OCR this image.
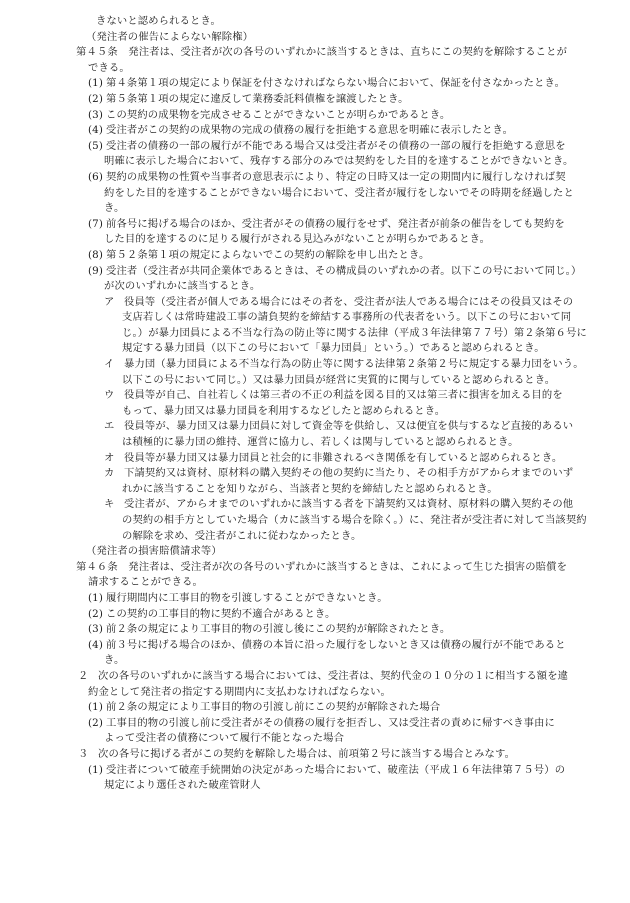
きないと認められるとき。
（発注者の催告によらない解除権）
第４５条　 発注者は、受注者が次の各号のいずれかに該当するときは、直ちにこの契約を解除することが
できる。
(1) 第４条第１項の規定により保証を付さなければならない場合において、保証を付さなかったとき。
(2) 第５条第１項の規定に違反して業務委託料債権を譲渡したとき。
(3) この契約の成果物を完成させることができないことが明らかであるとき。
(4) 受注者がこの契約の成果物の完成の債務の履行を拒絶する意思を明確に表示したとき。
(5) 受注者の債務の一部の履行が不能である場合又は受注者がその債務の一部の履行を拒絶する意思を
明確に表示した場合において、残存する部分のみでは契約をした目的を達することができないとき。
(6) 契約の成果物の性質や当事者の意思表示により、特定の日時又は一定の期間内に履行しなければ契
約をした目的を達することができない場合において、受注者が履行をしないでその時期を経過したと
き。
(7) 前各号に掲げる場合のほか、受注者がその債務の履行をせず、発注者が前条の催告をしても契約を
した目的を達するのに足りる履行がされる見込みがないことが明らかであるとき。
(8) 第５２条第１項の規定によらないでこの契約の解除を申し出たとき。
(9) 受注者（受注者が共同企業体であるときは、その構成員のいずれかの者。以下この号において同じ。）
が次のいずれかに該当するとき。
ア 役員等（受注者が個人である場合にはその者を、受注者が法人である場合にはその役員又はその
支店若しくは常時建設工事の請負契約を締結する事務所の代表者をいう。以下この号において同
じ。）が暴力団員による不当な行為の防止等に関する法律（平成３年法律第７７号）第２条第６号に
規定する暴力団員（以下この号において「暴力団員」という。）であると認められるとき。
イ 暴力団（暴力団員による不当な行為の防止等に関する法律第２条第２号に規定する暴力団をいう。
以下この号において同じ。）又は暴力団員が経営に実質的に関与していると認められるとき。
ウ 役員等が自己、自社若しくは第三者の不正の利益を図る目的又は第三者に損害を加える目的を
もって、暴力団又は暴力団員を利用するなどしたと認められるとき。
エ 役員等が、暴力団又は暴力団員に対して資金等を供給し、又は便宜を供与するなど直接的あるい
は積極的に暴力団の維持、運営に協力し、若しくは関与していると認められるとき。
オ 役員等が暴力団又は暴力団員と社会的に非難されるべき関係を有していると認められるとき。
カ 下請契約又は資材、原材料の購入契約その他の契約に当たり、その相手方がアからオまでのいず
れかに該当することを知りながら、当該者と契約を締結したと認められるとき。
キ 受注者が、アからオまでのいずれかに該当する者を下請契約又は資材、原材料の購入契約その他
の契約の相手方としていた場合（カに該当する場合を除く。）に、発注者が受注者に対して当該契約
の解除を求め、受注者がこれに従わなかったとき。
（発注者の損害賠償請求等）
第４６条　 発注者は、受注者が次の各号のいずれかに該当するときは、これによって生じた損害の賠償を
請求することができる。
(1) 履行期間内に工事目的物を引渡しすることができないとき。
(2) この契約の工事目的物に契約不適合があるとき。
(3) 前２条の規定により工事目的物の引渡し後にこの契約が解除されたとき。
(4) 前３号に掲げる場合のほか、債務の本旨に沿った履行をしないとき又は債務の履行が不能であると
き。
２ 次の各号のいずれかに該当する場合においては、受注者は、契約代金の１０分の１に相当する額を違
約金として発注者の指定する期間内に支払わなければならない。
(1) 前２条の規定により工事目的物の引渡し前にこの契約が解除された場合
(2) 工事目的物の引渡し前に受注者がその債務の履行を拒否し、又は受注者の責めに帰すべき事由に
よって受注者の債務について履行不能となった場合
３ 次の各号に掲げる者がこの契約を解除した場合は、前項第２号に該当する場合とみなす。
(1) 受注者について破産手続開始の決定があった場合において、破産法（平成１６年法律第７５号）の
規定により選任された破産管財人
